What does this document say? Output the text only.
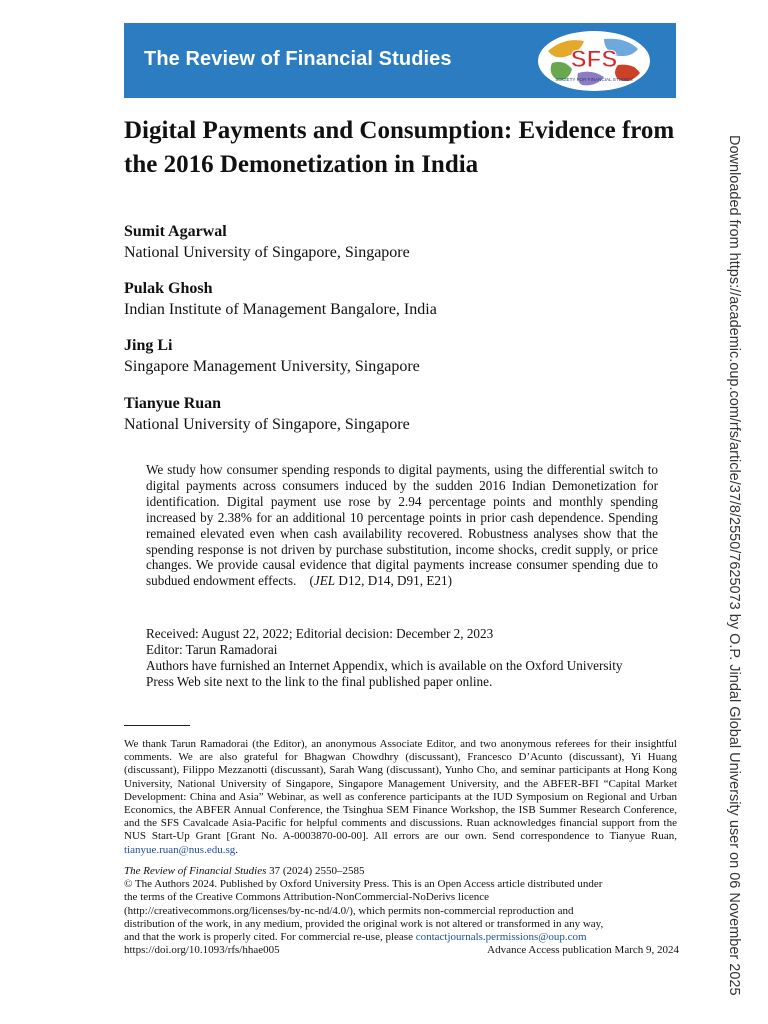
The Review of Financial Studies	SFS
SOCIETY FOR FINANCIAL STUDIES
Digital Payments and Consumption: Evidence from the 2016 Demonetization in India
Sumit Agarwal
National University of Singapore, Singapore
Pulak Ghosh
Indian Institute of Management Bangalore, India
Jing Li
Singapore Management University, Singapore
Tianyue Ruan
National University of Singapore, Singapore
We study how consumer spending responds to digital payments, using the differential switch to digital payments across consumers induced by the sudden 2016 Indian Demonetization for identification. Digital payment use rose by 2.94 percentage points and monthly spending increased by 2.38% for an additional 10 percentage points in prior cash dependence. Spending remained elevated even when cash availability recovered. Robustness analyses show that the spending response is not driven by purchase substitution, income shocks, credit supply, or price changes. We provide causal evidence that digital payments increase consumer spending due to subdued endowment effects. (JEL D12, D14, D91, E21)
Received: August 22, 2022; Editorial decision: December 2, 2023
Editor: Tarun Ramadorai
Authors have furnished an Internet Appendix, which is available on the Oxford University
Press Web site next to the link to the final published paper online.
We thank Tarun Ramadorai (the Editor), an anonymous Associate Editor, and two anonymous referees for their insightful comments. We are also grateful for Bhagwan Chowdhry (discussant), Francesco D’Acunto (discussant), Yi Huang (discussant), Filippo Mezzanotti (discussant), Sarah Wang (discussant), Yunho Cho, and seminar participants at Hong Kong University, National University of Singapore, Singapore Management University, and the ABFER-BFI “Capital Market Development: China and Asia” Webinar, as well as conference participants at the IUD Symposium on Regional and Urban Economics, the ABFER Annual Conference, the Tsinghua SEM Finance Workshop, the ISB Summer Research Conference, and the SFS Cavalcade Asia-Pacific for helpful comments and discussions. Ruan acknowledges financial support from the NUS Start-Up Grant [Grant No. A-0003870-00-00]. All errors are our own. Send correspondence to Tianyue Ruan, tianyue.ruan@nus.edu.sg.
The Review of Financial Studies 37 (2024) 2550–2585
© The Authors 2024. Published by Oxford University Press. This is an Open Access article distributed under
the terms of the Creative Commons Attribution-NonCommercial-NoDerivs licence
(http://creativecommons.org/licenses/by-nc-nd/4.0/), which permits non-commercial reproduction and
distribution of the work, in any medium, provided the original work is not altered or transformed in any way,
and that the work is properly cited. For commercial re-use, please contactjournals.permissions@oup.com
https://doi.org/10.1093/rfs/hhae005	Advance Access publication March 9, 2024	Downloaded from https://academic.oup.com/rfs/article/37/8/2550/7625073 by O.P. Jindal Global University user on 06 November 2025
